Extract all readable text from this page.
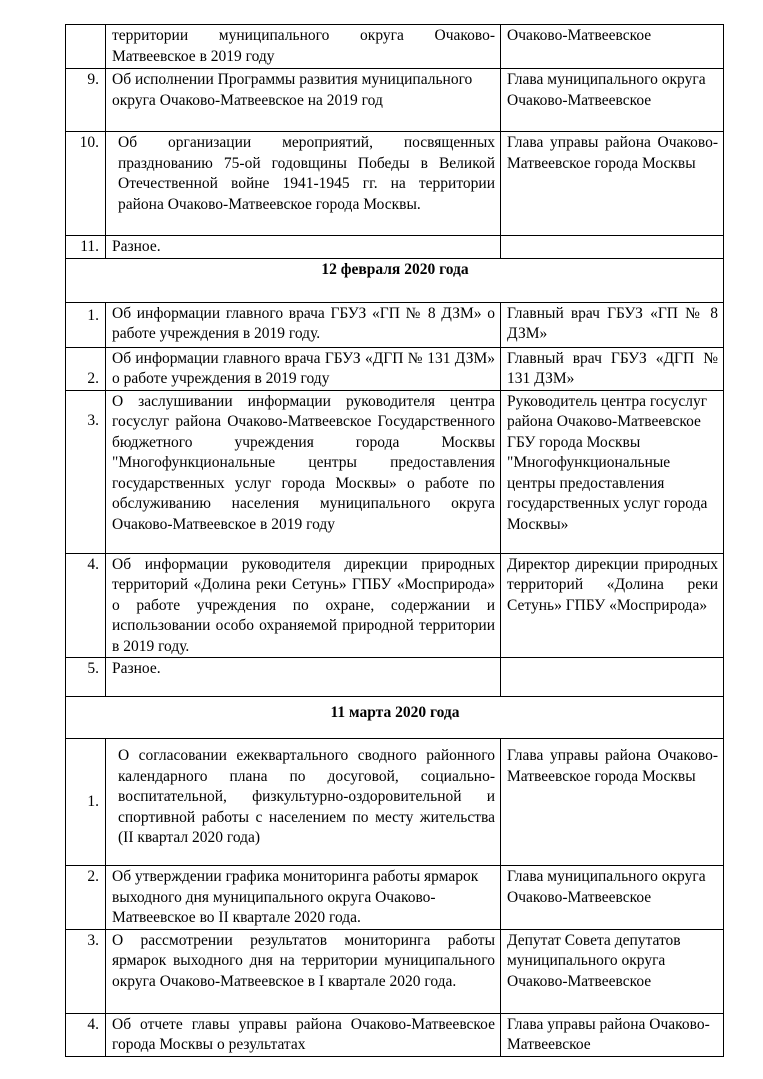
	территории муниципального округа Очаково-Матвеевское в 2019 году	Очаково-Матвеевское
9.	Об исполнении Программы развития муниципального округа Очаково-Матвеевское на 2019 год	Глава муниципального округа Очаково-Матвеевское
10.	Об организации мероприятий, посвященных празднованию 75-ой годовщины Победы в Великой Отечественной войне 1941-1945 гг. на территории района Очаково-Матвеевское города Москвы.	Глава управы района Очаково-Матвеевское города Москвы
11.	Разное.	
12 февраля 2020 года		
1.	Об информации главного врача ГБУЗ «ГП № 8 ДЗМ» о работе учреждения в 2019 году.	Главный врач ГБУЗ «ГП № 8 ДЗМ»
2.	Об информации главного врача ГБУЗ «ДГП № 131 ДЗМ» о работе учреждения в 2019 году	Главный врач ГБУЗ «ДГП № 131 ДЗМ»
3.	О заслушивании информации руководителя центра госуслуг района Очаково-Матвеевское Государственного бюджетного учреждения города Москвы "Многофункциональные центры предоставления государственных услуг города Москвы» о работе по обслуживанию населения муниципального округа Очаково-Матвеевское в 2019 году	Руководитель центра госуслуг района Очаково-Матвеевское ГБУ города Москвы "Многофункциональные центры предоставления государственных услуг города Москвы»
4.	Об информации руководителя дирекции природных территорий «Долина реки Сетунь» ГПБУ «Мосприрода» о работе учреждения по охране, содержании и использовании особо охраняемой природной территории в 2019 году.	Директор дирекции природных территорий «Долина реки Сетунь» ГПБУ «Мосприрода»
5.	Разное.	
11 марта 2020 года		
1.	О согласовании ежеквартального сводного районного календарного плана по досуговой, социально-воспитательной, физкультурно-оздоровительной и спортивной работы с населением по месту жительства (II квартал 2020 года)	Глава управы района Очаково-Матвеевское города Москвы
2.	Об утверждении графика мониторинга работы ярмарок выходного дня муниципального округа Очаково-Матвеевское во II квартале 2020 года.	Глава муниципального округа Очаково-Матвеевское
3.	О рассмотрении результатов мониторинга работы ярмарок выходного дня на территории муниципального округа Очаково-Матвеевское в I квартале 2020 года.	Депутат Совета депутатов муниципального округа Очаково-Матвеевское
4.	Об отчете главы управы района Очаково-Матвеевское города Москвы о результатах	Глава управы района Очаково-Матвеевское
